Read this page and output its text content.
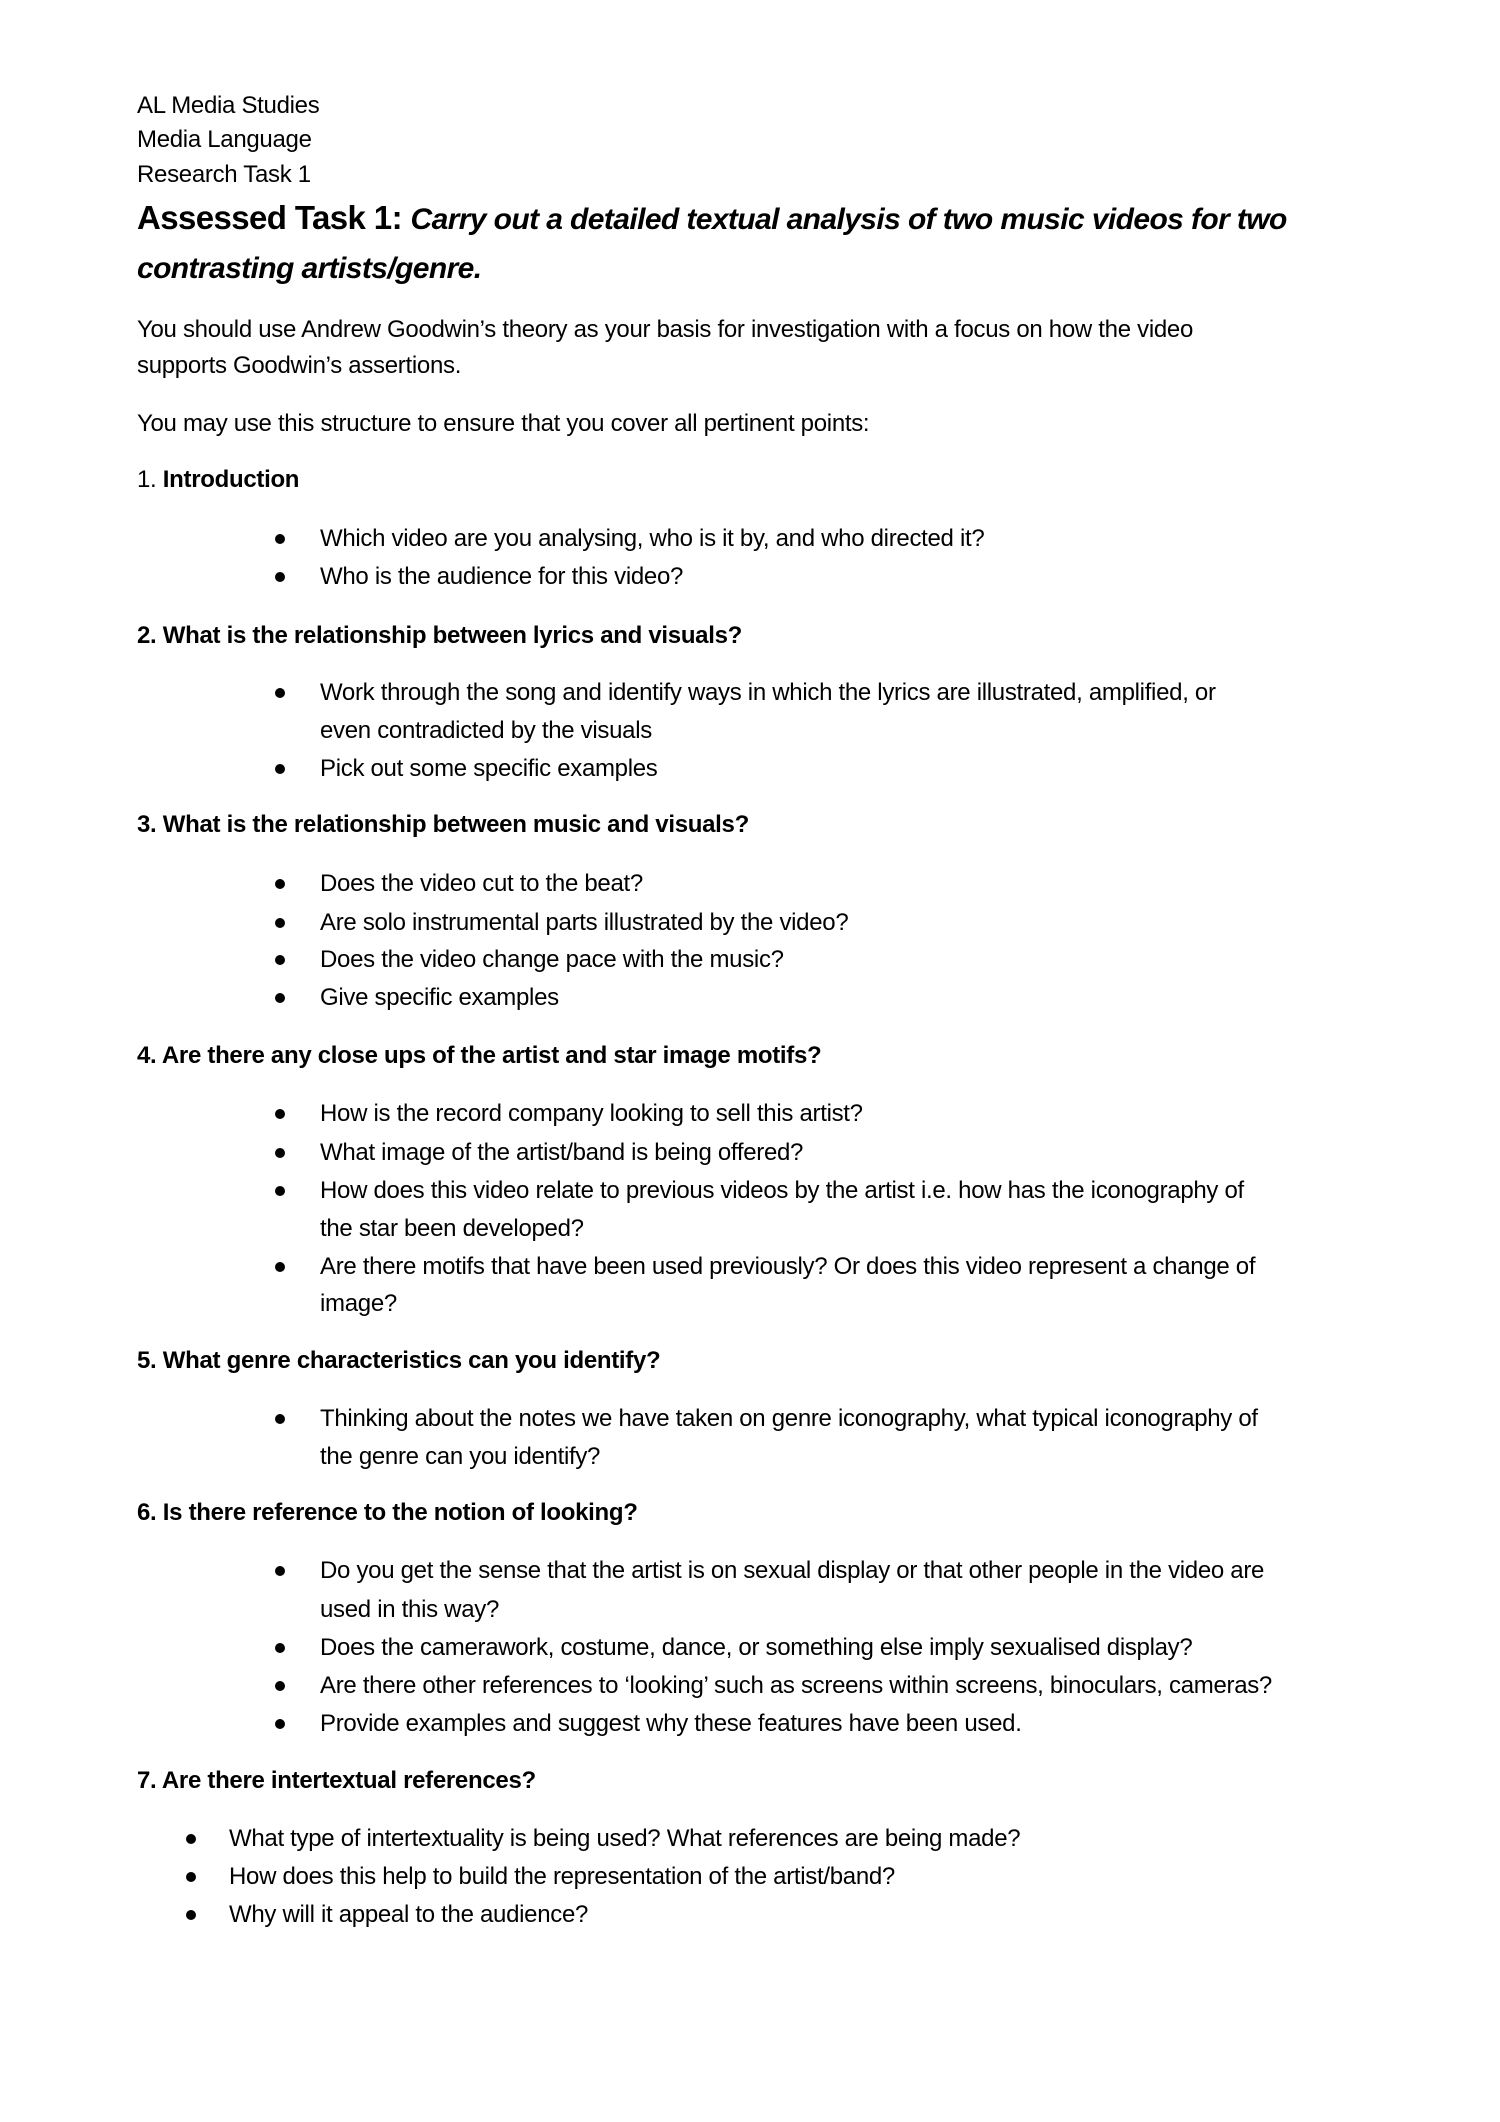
AL Media Studies
Media Language
Research Task 1
Assessed Task 1: Carry out a detailed textual analysis of two music videos for two
contrasting artists/genre.
You should use Andrew Goodwin’s theory as your basis for investigation with a focus on how the video
supports Goodwin’s assertions.
You may use this structure to ensure that you cover all pertinent points:
1. Introduction
Which video are you analysing, who is it by, and who directed it?
Who is the audience for this video?
2. What is the relationship between lyrics and visuals?
Work through the song and identify ways in which the lyrics are illustrated, amplified, or
even contradicted by the visuals
Pick out some specific examples
3. What is the relationship between music and visuals?
Does the video cut to the beat?
Are solo instrumental parts illustrated by the video?
Does the video change pace with the music?
Give specific examples
4. Are there any close ups of the artist and star image motifs?
How is the record company looking to sell this artist?
What image of the artist/band is being offered?
How does this video relate to previous videos by the artist i.e. how has the iconography of
the star been developed?
Are there motifs that have been used previously? Or does this video represent a change of
image?
5. What genre characteristics can you identify?
Thinking about the notes we have taken on genre iconography, what typical iconography of
the genre can you identify?
6. Is there reference to the notion of looking?
Do you get the sense that the artist is on sexual display or that other people in the video are
used in this way?
Does the camerawork, costume, dance, or something else imply sexualised display?
Are there other references to ‘looking’ such as screens within screens, binoculars, cameras?
Provide examples and suggest why these features have been used.
7. Are there intertextual references?
What type of intertextuality is being used? What references are being made?
How does this help to build the representation of the artist/band?
Why will it appeal to the audience?
